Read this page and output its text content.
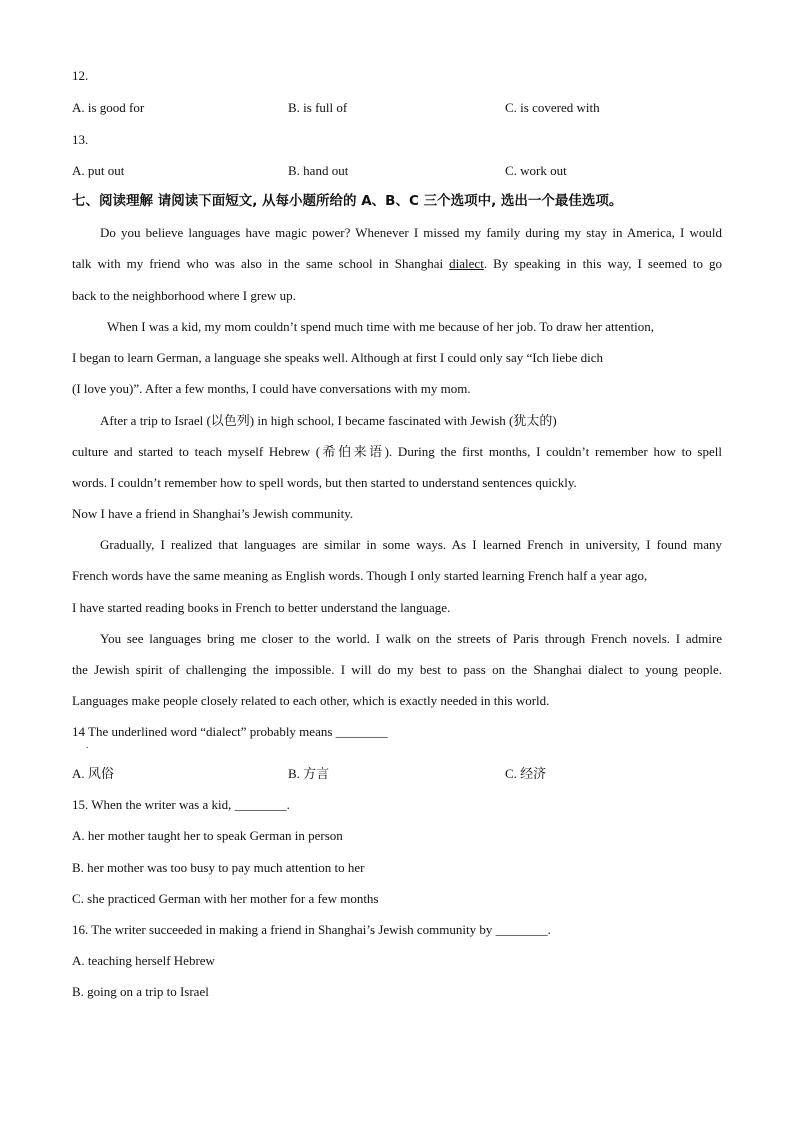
12.
A. is good for	B. is full of	C. is covered with
13.
A. put out	B. hand out	C. work out
七、阅读理解 请阅读下面短文, 从每小题所给的 A、B、C 三个选项中, 选出一个最佳选项。
Do you believe languages have magic power? Whenever I missed my family during my stay in America, I would
talk with my friend who was also in the same school in Shanghai dialect. By speaking in this way, I seemed to go
back to the neighborhood where I grew up.
When I was a kid, my mom couldn’t spend much time with me because of her job. To draw her attention,
I began to learn German, a language she speaks well. Although at first I could only say “Ich liebe dich
(I love you)”. After a few months, I could have conversations with my mom.
After a trip to Israel (以色列) in high school, I became fascinated with Jewish (犹太的)
culture and started to teach myself Hebrew (希伯来语). During the first months, I couldn’t remember how to spell
words. I couldn’t remember how to spell words, but then started to understand sentences quickly.
Now I have a friend in Shanghai’s Jewish community.
Gradually, I realized that languages are similar in some ways. As I learned French in university, I found many
French words have the same meaning as English words. Though I only started learning French half a year ago,
I have started reading books in French to better understand the language.
You see languages bring me closer to the world. I walk on the streets of Paris through French novels. I admire
the Jewish spirit of challenging the impossible. I will do my best to pass on the Shanghai dialect to young people.
Languages make people closely related to each other, which is exactly needed in this world.
14 The underlined word “dialect” probably means ________
.
A. 风俗	B. 方言	C. 经济
15. When the writer was a kid, ________.
A. her mother taught her to speak German in person
B. her mother was too busy to pay much attention to her
C. she practiced German with her mother for a few months
16. The writer succeeded in making a friend in Shanghai’s Jewish community by ________.
A. teaching herself Hebrew
B. going on a trip to Israel
